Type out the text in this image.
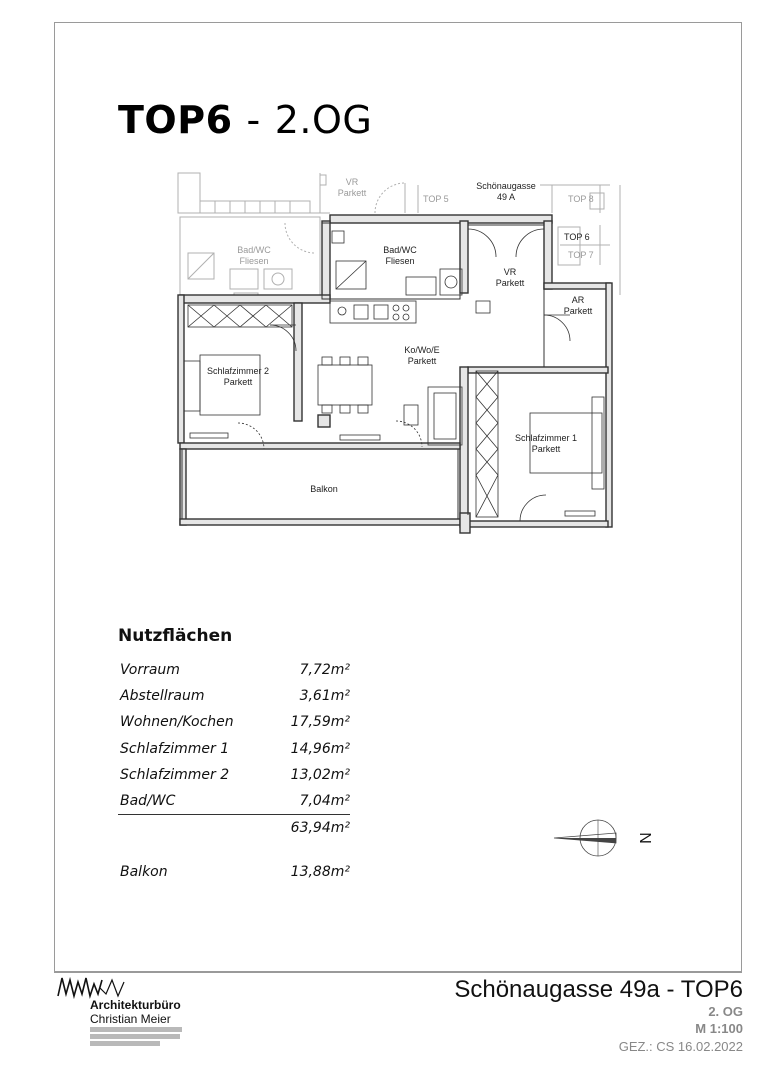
TOP6 - 2.OG
VR
Parkett
Schönaugasse
49 A
TOP 5	TOP 8
TOP 6
TOP 7
Bad/WC
Fliesen
Bad/WC
Fliesen
VR
Parkett
AR
Parkett
Ko/Wo/E
Parkett
Schlafzimmer 2
Parkett
Schlafzimmer 1
Parkett
Balkon
Nutzflächen
Vorraum	7,72m²
Abstellraum	3,61m²
Wohnen/Kochen	17,59m²
Schlafzimmer 1	14,96m²
Schlafzimmer 2	13,02m²
Bad/WC	7,04m²
63,94m²
Balkon	13,88m²
N
Architekturbüro
Christian Meier
Schönaugasse 49a - TOP6
2. OG
M 1:100
GEZ.: CS 16.02.2022
